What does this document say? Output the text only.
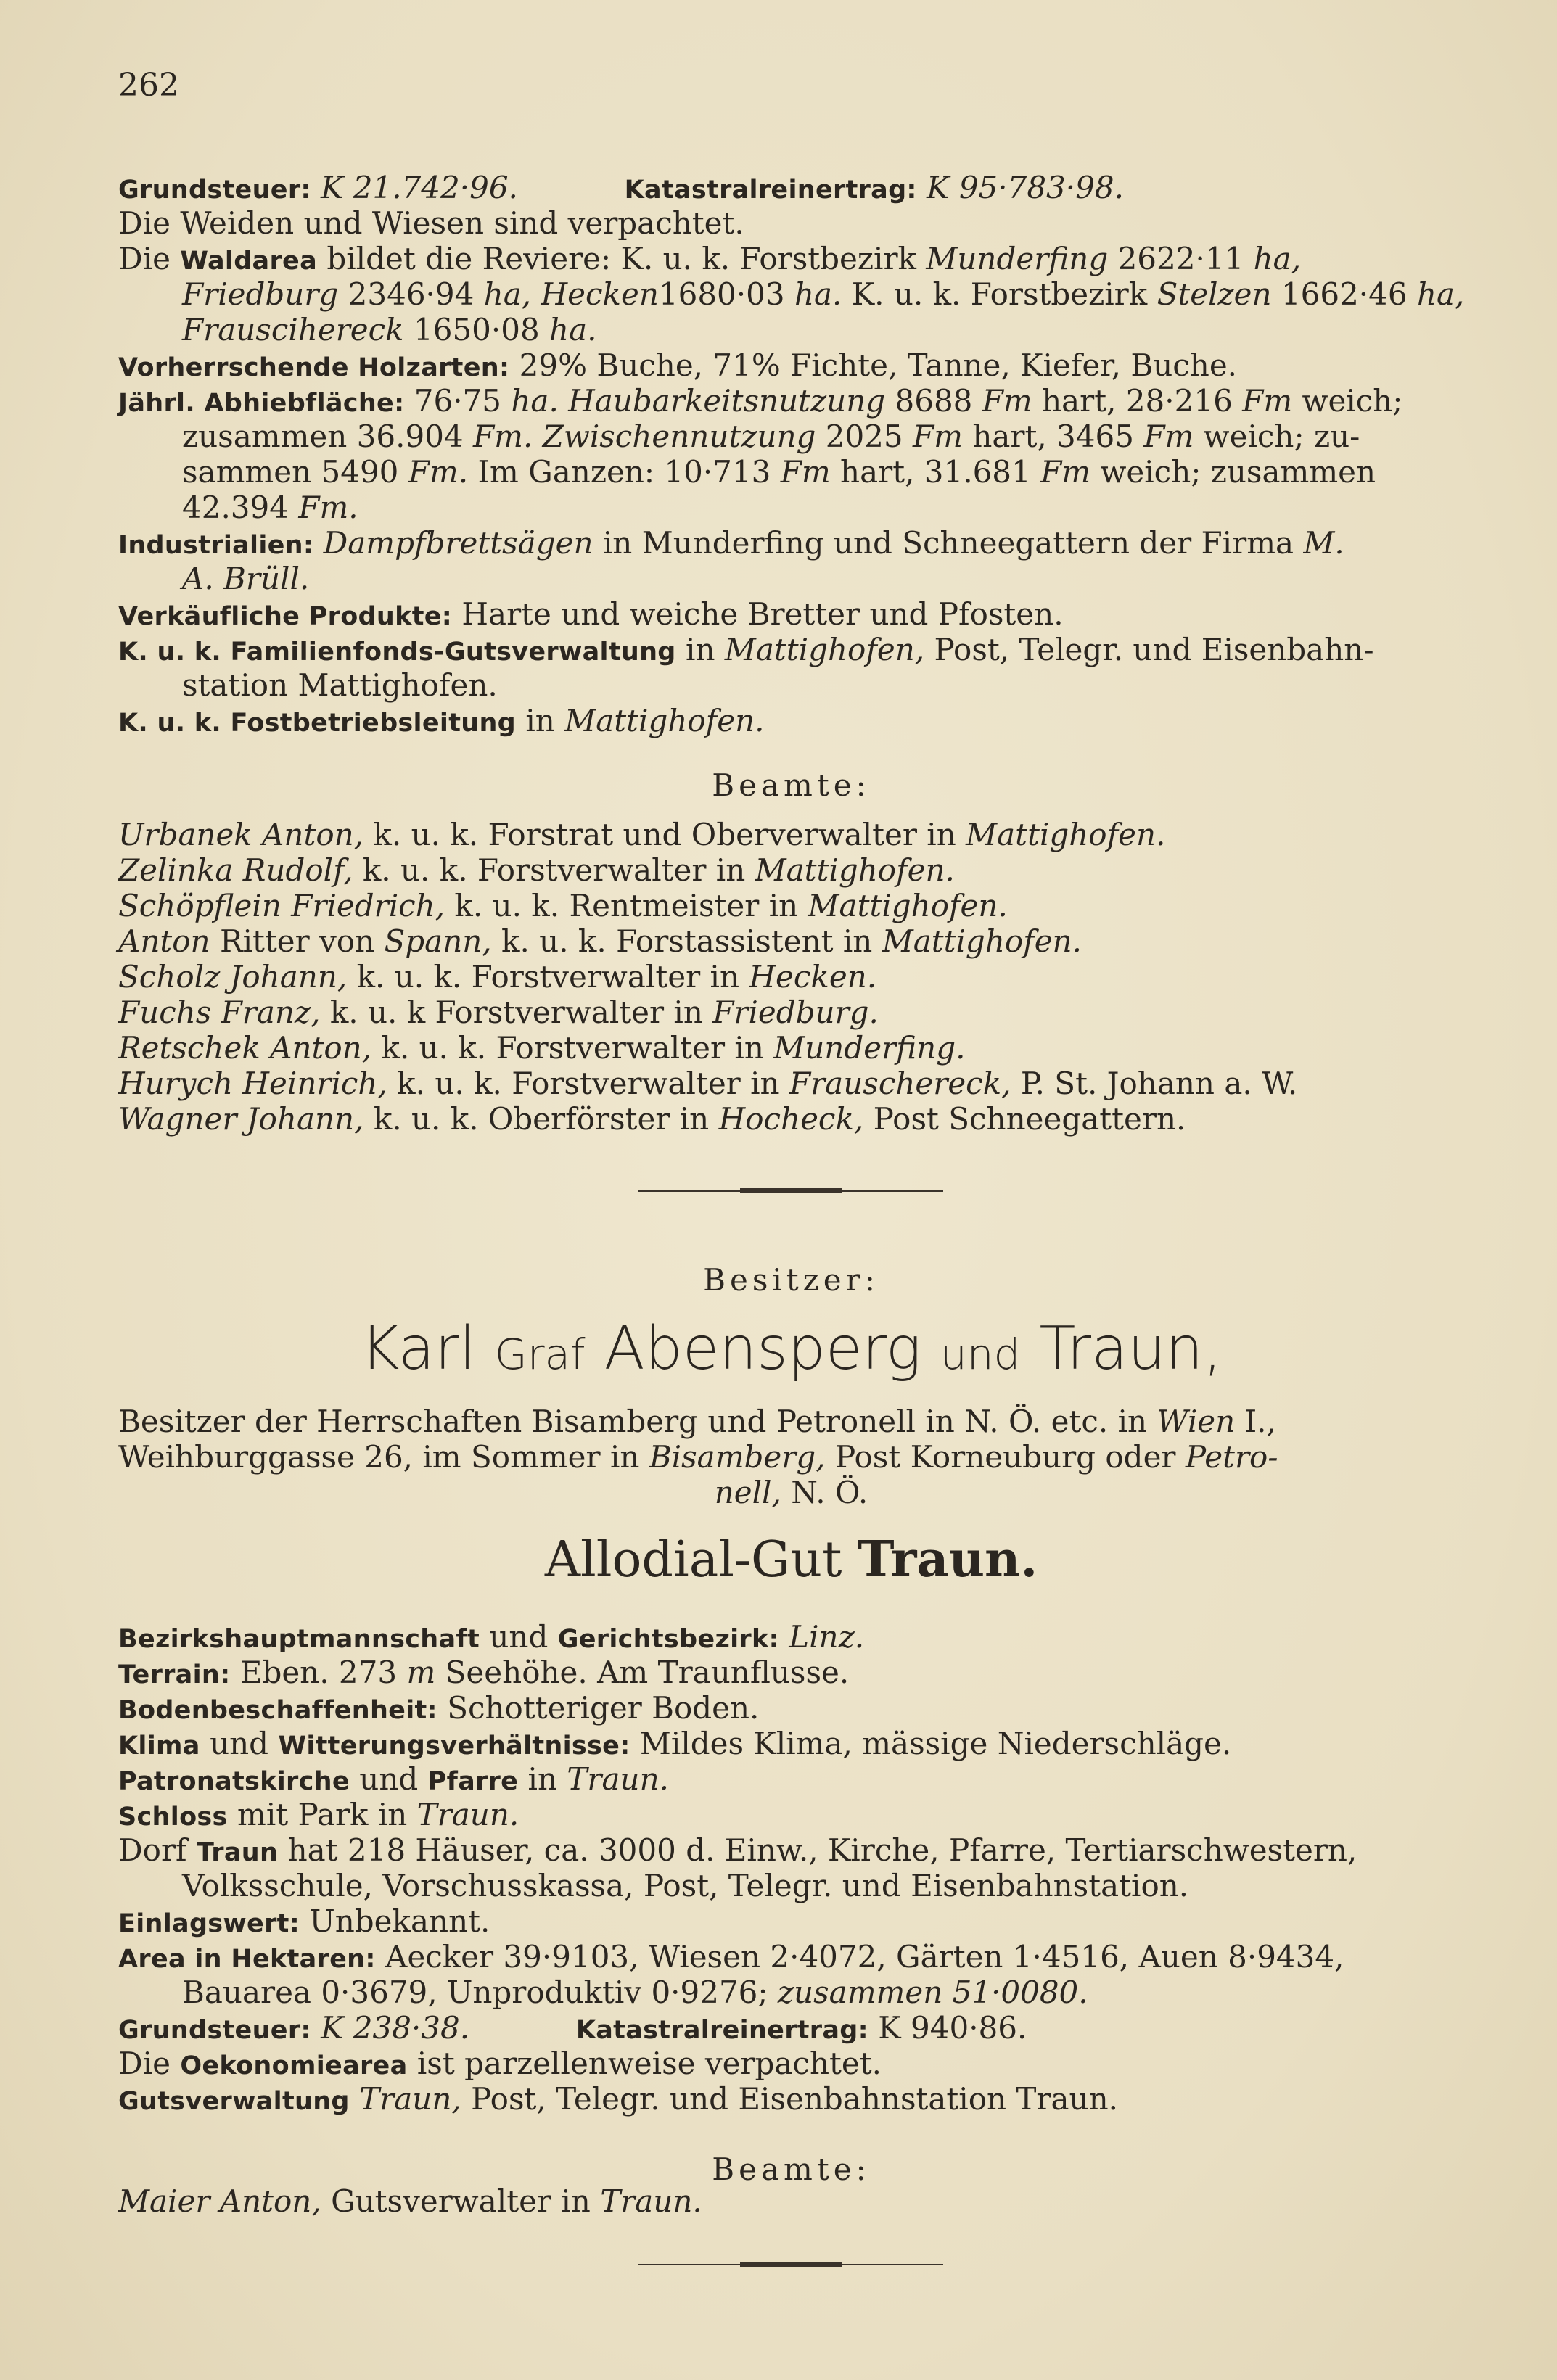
262
Grundsteuer: K 21.742·96.	Katastralreinertrag: K 95·783·98.
Die Weiden und Wiesen sind verpachtet.
Die Waldarea bildet die Reviere: K. u. k. Forstbezirk Munderfing 2622·11 ha,
Friedburg 2346·94 ha, Hecken1680·03 ha. K. u. k. Forstbezirk Stelzen 1662·46 ha,
Frauscihereck 1650·08 ha.
Vorherrschende Holzarten: 29% Buche, 71% Fichte, Tanne, Kiefer, Buche.
Jährl. Abhiebfläche: 76·75 ha. Haubarkeitsnutzung 8688 Fm hart, 28·216 Fm weich;
zusammen 36.904 Fm. Zwischennutzung 2025 Fm hart, 3465 Fm weich; zu-
sammen 5490 Fm. Im Ganzen: 10·713 Fm hart, 31.681 Fm weich; zusammen
42.394 Fm.
Industrialien: Dampfbrettsägen in Munderfing und Schneegattern der Firma M.
A. Brüll.
Verkäufliche Produkte: Harte und weiche Bretter und Pfosten.
K. u. k. Familienfonds-Gutsverwaltung in Mattighofen, Post, Telegr. und Eisenbahn-
station Mattighofen.
K. u. k. Fostbetriebsleitung in Mattighofen.
Beamte:
Urbanek Anton, k. u. k. Forstrat und Oberverwalter in Mattighofen.
Zelinka Rudolf, k. u. k. Forstverwalter in Mattighofen.
Schöpflein Friedrich, k. u. k. Rentmeister in Mattighofen.
Anton Ritter von Spann, k. u. k. Forstassistent in Mattighofen.
Scholz Johann, k. u. k. Forstverwalter in Hecken.
Fuchs Franz, k. u. k Forstverwalter in Friedburg.
Retschek Anton, k. u. k. Forstverwalter in Munderfing.
Hurych Heinrich, k. u. k. Forstverwalter in Frauschereck, P. St. Johann a. W.
Wagner Johann, k. u. k. Oberförster in Hocheck, Post Schneegattern.
Besitzer:
Karl Graf Abensperg und Traun,
Besitzer der Herrschaften Bisamberg und Petronell in N. Ö. etc. in Wien I.,
Weihburggasse 26, im Sommer in Bisamberg, Post Korneuburg oder Petro-
nell, N. Ö.
Allodial-Gut Traun.
Bezirkshauptmannschaft und Gerichtsbezirk: Linz.
Terrain: Eben. 273 m Seehöhe. Am Traunflusse.
Bodenbeschaffenheit: Schotteriger Boden.
Klima und Witterungsverhältnisse: Mildes Klima, mässige Niederschläge.
Patronatskirche und Pfarre in Traun.
Schloss mit Park in Traun.
Dorf Traun hat 218 Häuser, ca. 3000 d. Einw., Kirche, Pfarre, Tertiarschwestern,
Volksschule, Vorschusskassa, Post, Telegr. und Eisenbahnstation.
Einlagswert: Unbekannt.
Area in Hektaren: Aecker 39·9103, Wiesen 2·4072, Gärten 1·4516, Auen 8·9434,
Bauarea 0·3679, Unproduktiv 0·9276; zusammen 51·0080.
Grundsteuer: K 238·38.	Katastralreinertrag: K 940·86.
Die Oekonomiearea ist parzellenweise verpachtet.
Gutsverwaltung Traun, Post, Telegr. und Eisenbahnstation Traun.
Beamte:
Maier Anton, Gutsverwalter in Traun.
